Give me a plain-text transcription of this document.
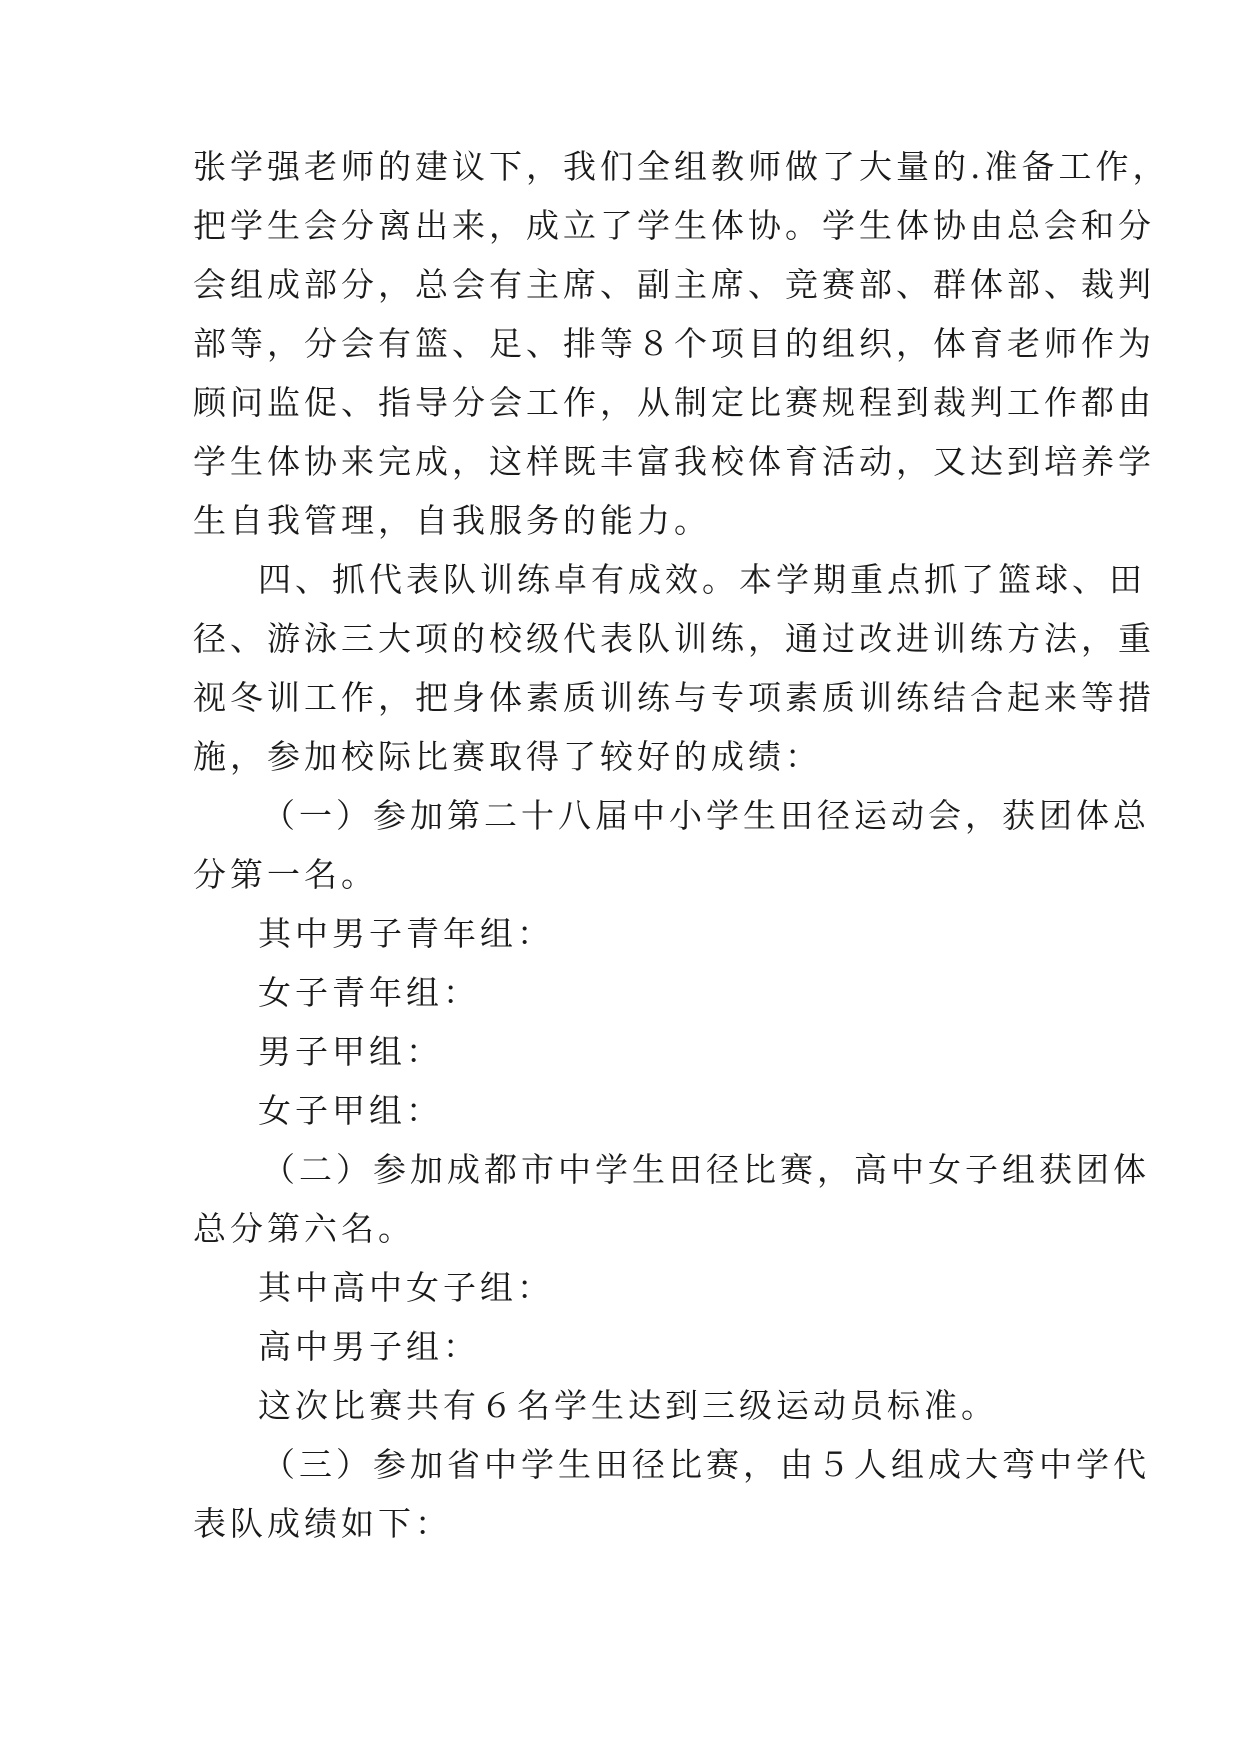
张学强老师的建议下，我们全组教师做了大量的.准备工作，
把学生会分离出来，成立了学生体协。学生体协由总会和分
会组成部分，总会有主席、副主席、竞赛部、群体部、裁判
部等，分会有篮、足、排等８个项目的组织，体育老师作为
顾问监促、指导分会工作，从制定比赛规程到裁判工作都由
学生体协来完成，这样既丰富我校体育活动，又达到培养学
生自我管理，自我服务的能力。
四、抓代表队训练卓有成效。本学期重点抓了篮球、田
径、游泳三大项的校级代表队训练，通过改进训练方法，重
视冬训工作，把身体素质训练与专项素质训练结合起来等措
施，参加校际比赛取得了较好的成绩：
（一）参加第二十八届中小学生田径运动会，获团体总
分第一名。
其中男子青年组：
女子青年组：
男子甲组：
女子甲组：
（二）参加成都市中学生田径比赛，高中女子组获团体
总分第六名。
其中高中女子组：
高中男子组：
这次比赛共有６名学生达到三级运动员标准。
（三）参加省中学生田径比赛，由５人组成大弯中学代
表队成绩如下：
